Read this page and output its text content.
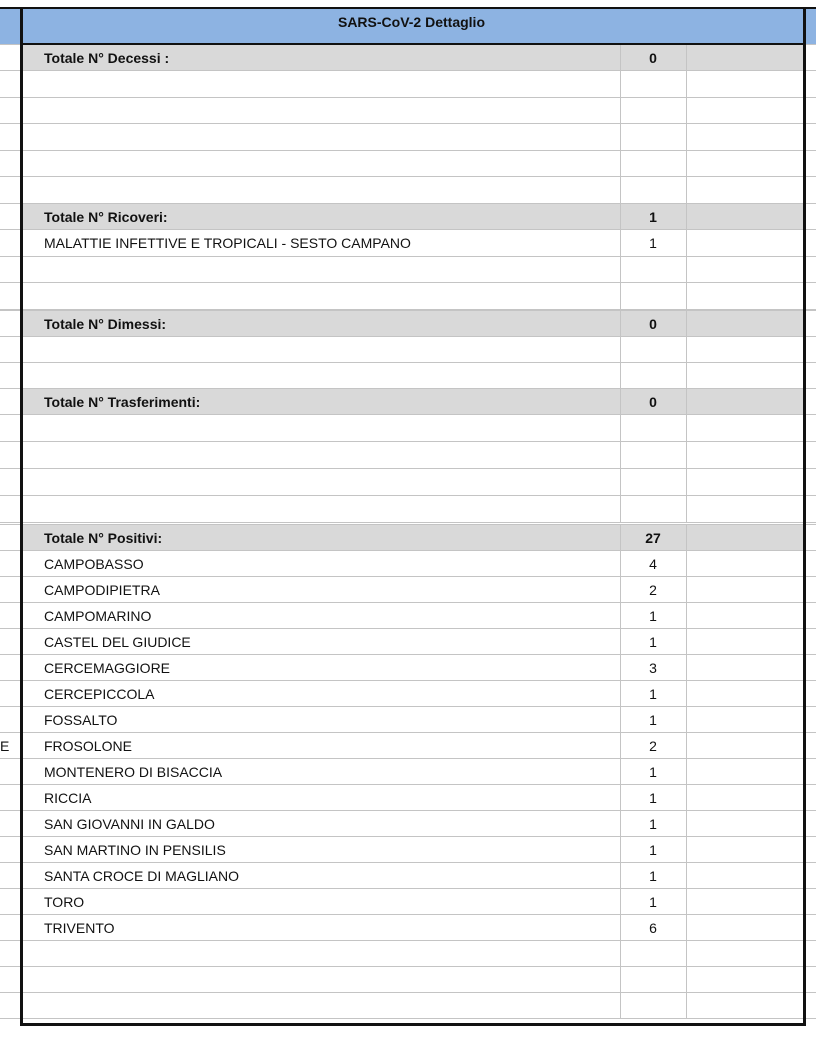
SARS-CoV-2 Dettaglio
Totale N° Decessi :	0
Totale N° Ricoveri:	1
MALATTIE INFETTIVE E TROPICALI - SESTO CAMPANO	1
Totale N° Dimessi:	0
Totale N° Trasferimenti:	0
Totale N° Positivi:	27
CAMPOBASSO	4
CAMPODIPIETRA	2
CAMPOMARINO	1
CASTEL DEL GIUDICE	1
CERCEMAGGIORE	3
CERCEPICCOLA	1
FOSSALTO	1
FROSOLONE	2
MONTENERO DI BISACCIA	1
RICCIA	1
SAN GIOVANNI IN GALDO	1
SAN MARTINO IN PENSILIS	1
SANTA CROCE DI MAGLIANO	1
TORO	1
TRIVENTO	6
E
